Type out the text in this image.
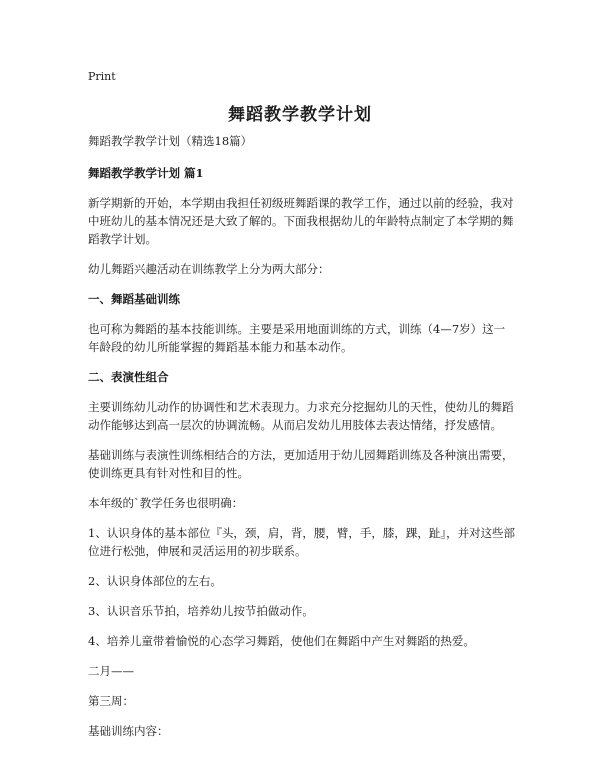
Print
舞蹈教学教学计划

舞蹈教学教学计划（精选18篇）

舞蹈教学教学计划 篇1

新学期新的开始，本学期由我担任初级班舞蹈课的教学工作，通过以前的经验，我对中班幼儿的基本情况还是大致了解的。下面我根据幼儿的年龄特点制定了本学期的舞蹈教学计划。

幼儿舞蹈兴趣活动在训练教学上分为两大部分：

一、舞蹈基础训练

也可称为舞蹈的基本技能训练。主要是采用地面训练的方式，训练（4—7岁）这一年龄段的幼儿所能掌握的舞蹈基本能力和基本动作。

二、表演性组合

主要训练幼儿动作的协调性和艺术表现力。力求充分挖掘幼儿的天性，使幼儿的舞蹈动作能够达到高一层次的协调流畅。从而启发幼儿用肢体去表达情绪，抒发感情。

基础训练与表演性训练相结合的方法，更加适用于幼儿园舞蹈训练及各种演出需要，使训练更具有针对性和目的性。

本年级的`教学任务也很明确：

1、认识身体的基本部位『头，颈，肩，背，腰，臂，手，膝，踝，趾』，并对这些部位进行松弛，伸展和灵活运用的初步联系。

2、认识身体部位的左右。

3、认识音乐节拍，培养幼儿按节拍做动作。

4、培养儿童带着愉悦的心态学习舞蹈，使他们在舞蹈中产生对舞蹈的热爱。

二月——

第三周：

基础训练内容：
